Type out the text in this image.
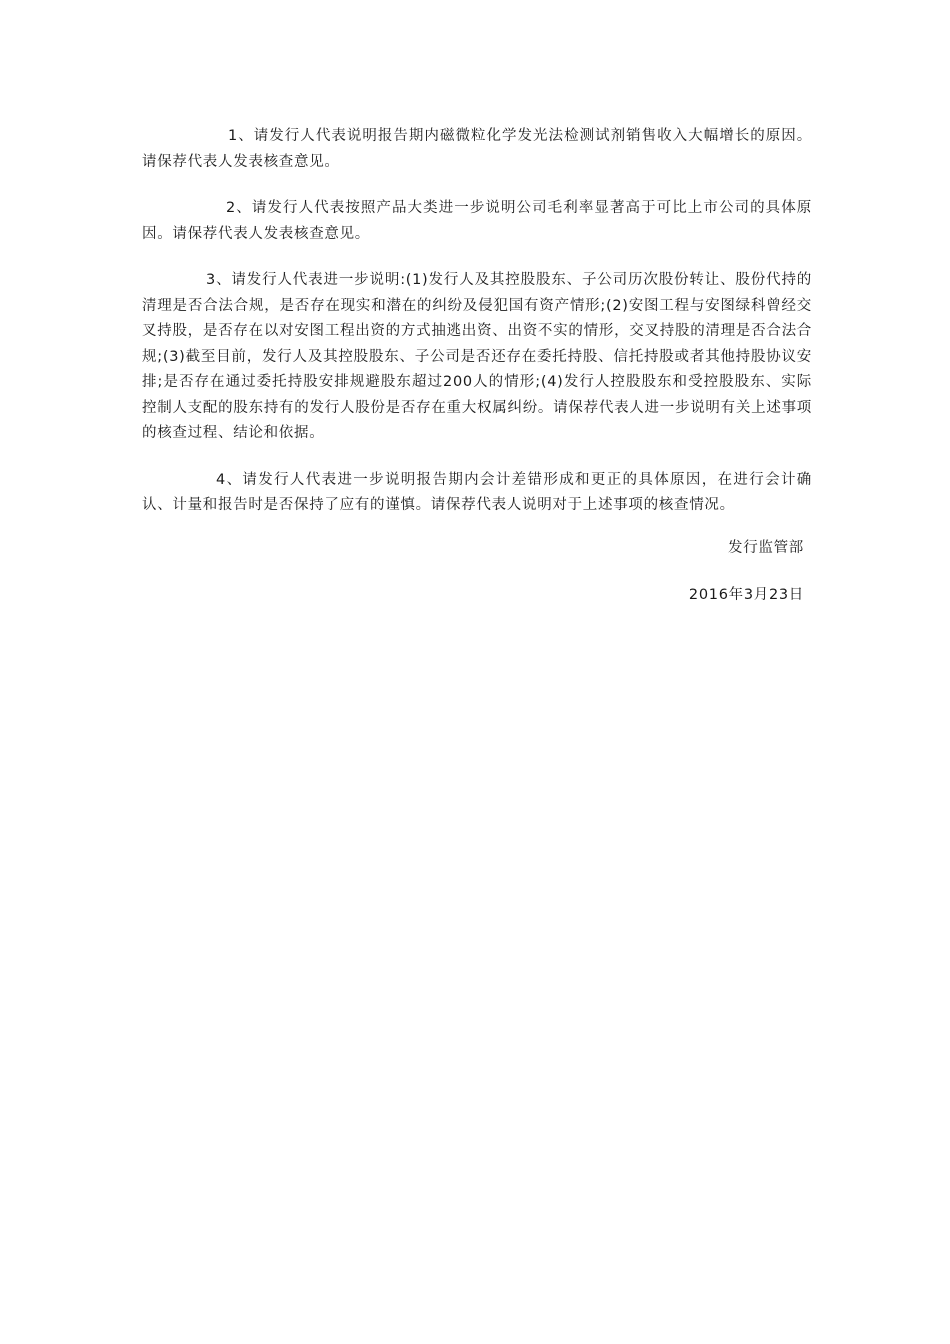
1、请发行人代表说明报告期内磁微粒化学发光法检测试剂销售收入大幅增长的原因。请保荐代表人发表核查意见。

2、请发行人代表按照产品大类进一步说明公司毛利率显著高于可比上市公司的具体原因。请保荐代表人发表核查意见。

3、请发行人代表进一步说明:(1)发行人及其控股股东、子公司历次股份转让、股份代持的清理是否合法合规，是否存在现实和潜在的纠纷及侵犯国有资产情形;(2)安图工程与安图绿科曾经交叉持股，是否存在以对安图工程出资的方式抽逃出资、出资不实的情形，交叉持股的清理是否合法合规;(3)截至目前，发行人及其控股股东、子公司是否还存在委托持股、信托持股或者其他持股协议安排;是否存在通过委托持股安排规避股东超过200人的情形;(4)发行人控股股东和受控股股东、实际控制人支配的股东持有的发行人股份是否存在重大权属纠纷。请保荐代表人进一步说明有关上述事项的核查过程、结论和依据。

4、请发行人代表进一步说明报告期内会计差错形成和更正的具体原因，在进行会计确认、计量和报告时是否保持了应有的谨慎。请保荐代表人说明对于上述事项的核查情况。

发行监管部

2016年3月23日
